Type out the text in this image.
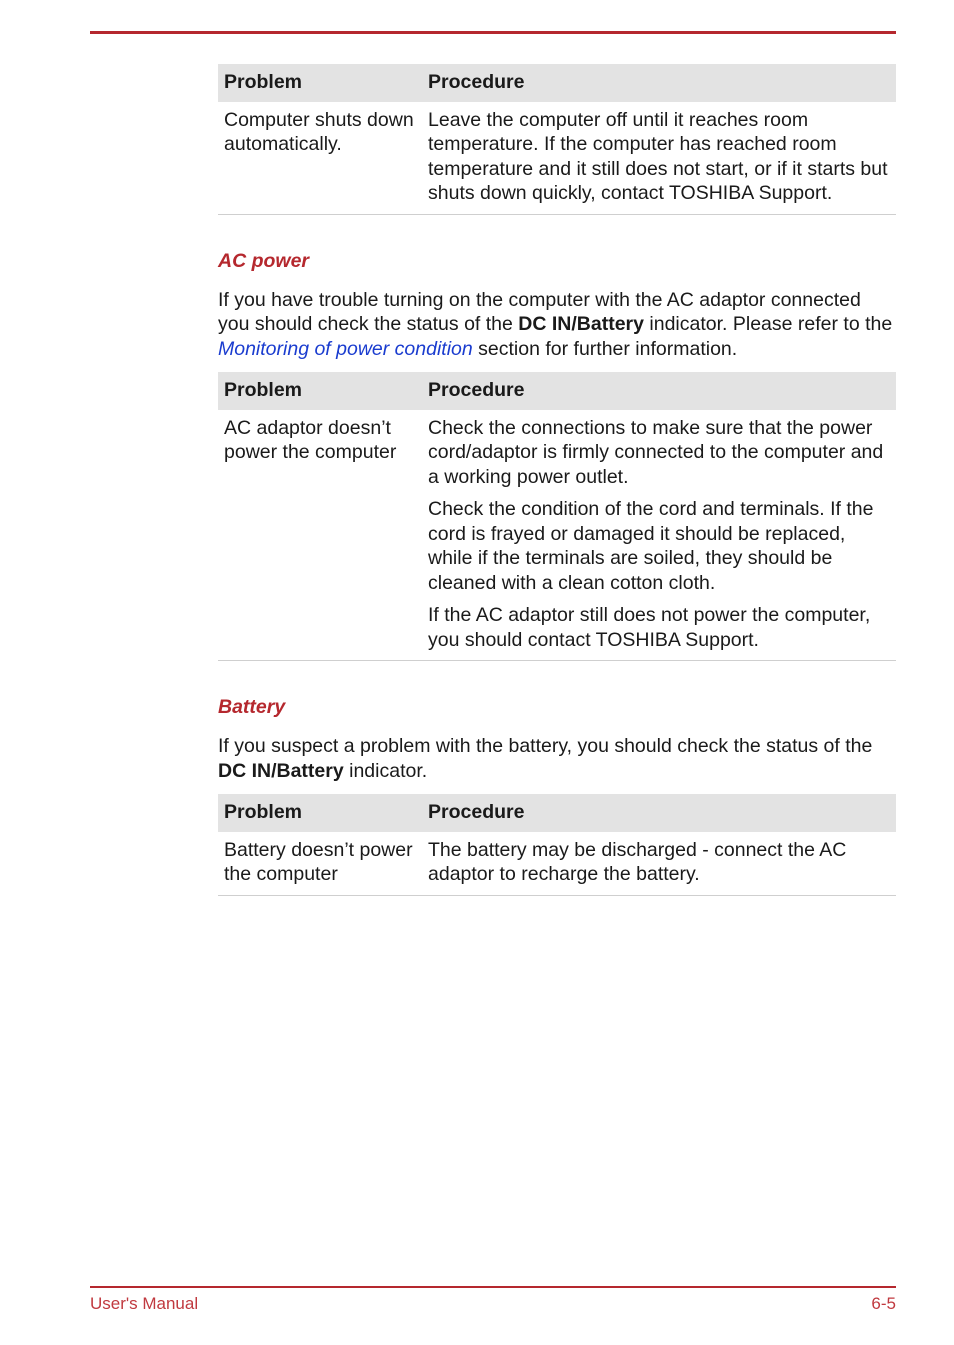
Problem	Procedure
Computer shuts down automatically.	Leave the computer off until it reaches room temperature. If the computer has reached room temperature and it still does not start, or if it starts but shuts down quickly, contact TOSHIBA Support.
AC power

If you have trouble turning on the computer with the AC adaptor connected you should check the status of the DC IN/Battery indicator. Please refer to the Monitoring of power condition section for further information.

Problem	Procedure
AC adaptor doesn’t power the computer	Check the connections to make sure that the power cord/adaptor is firmly connected to the computer and a working power outlet.
Check the condition of the cord and terminals. If the cord is frayed or damaged it should be replaced, while if the terminals are soiled, they should be cleaned with a clean cotton cloth.
If the AC adaptor still does not power the computer, you should contact TOSHIBA Support.
Battery

If you suspect a problem with the battery, you should check the status of the DC IN/Battery indicator.

Problem	Procedure
Battery doesn’t power the computer	The battery may be discharged - connect the AC adaptor to recharge the battery.
User's Manual	6-5
